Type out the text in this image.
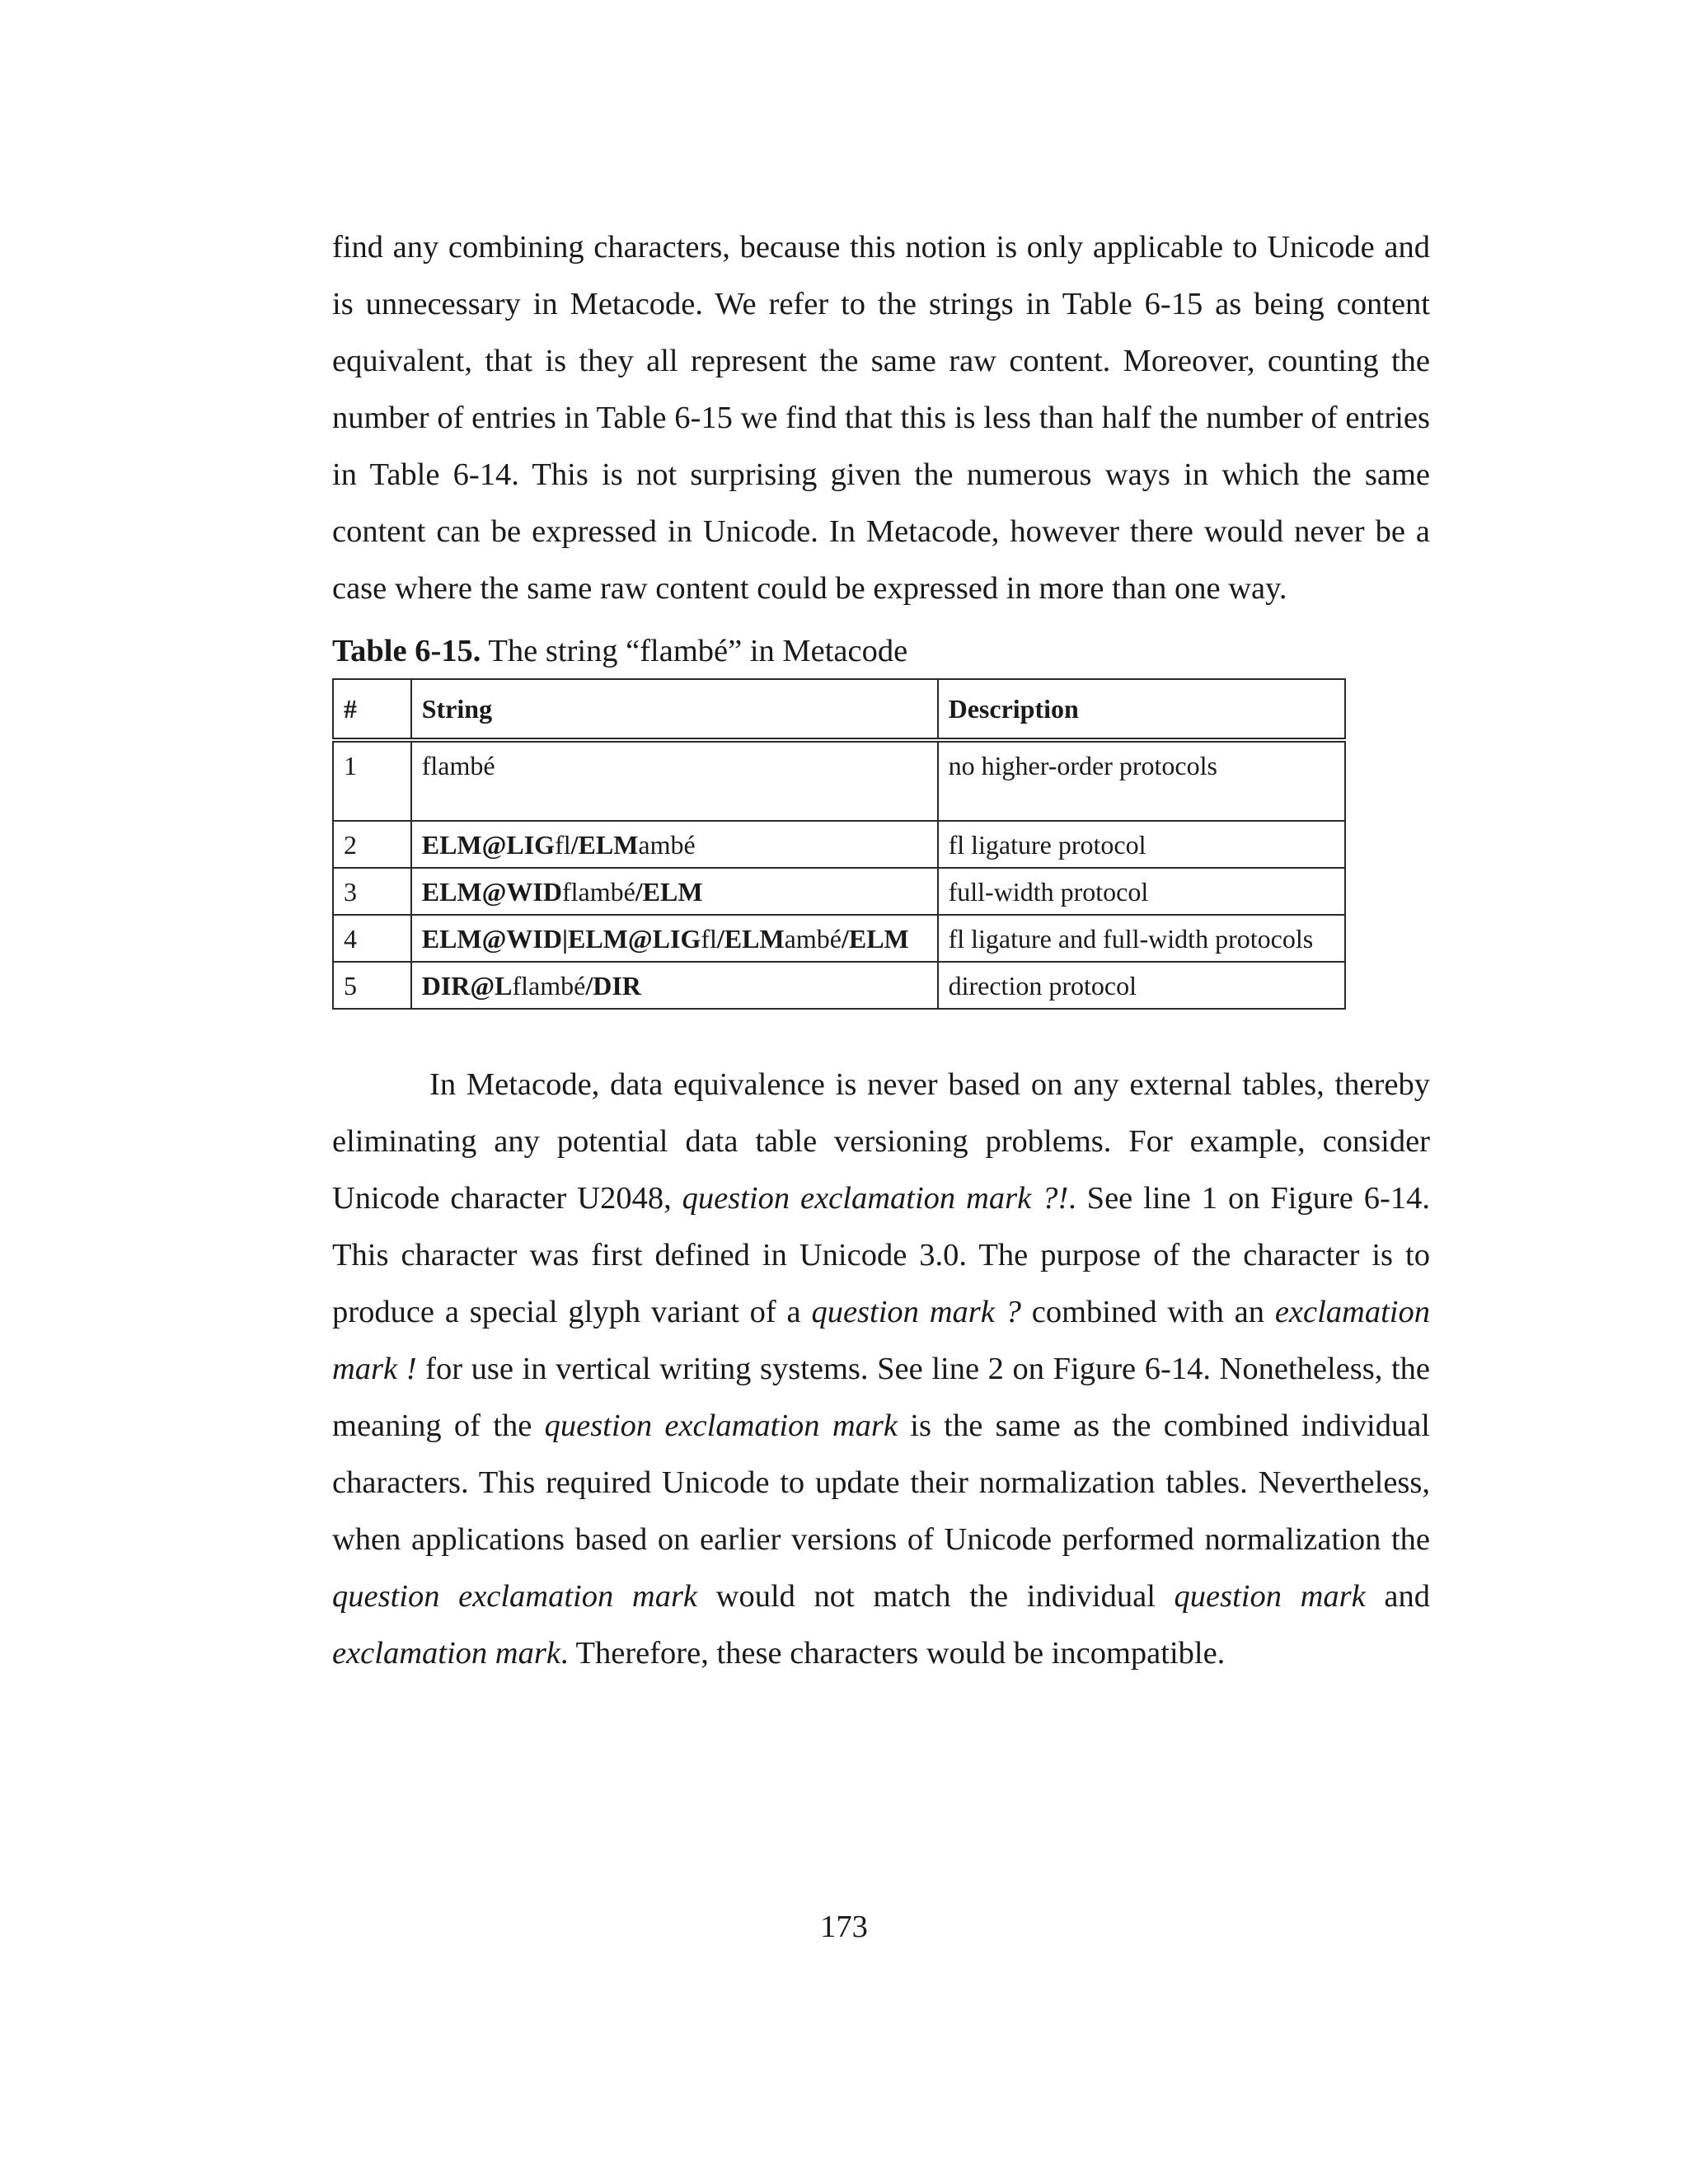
find any combining characters, because this notion is only applicable to Unicode and is unnecessary in Metacode. We refer to the strings in Table 6-15 as being content equivalent, that is they all represent the same raw content. Moreover, counting the number of entries in Table 6-15 we find that this is less than half the number of entries in Table 6-14. This is not surprising given the numerous ways in which the same content can be expressed in Unicode. In Metacode, however there would never be a case where the same raw content could be expressed in more than one way.

Table 6-15. The string “flambé” in Metacode
#	String	Description
1	flambé	no higher-order protocols
2	ELM@LIGfl/ELMambé	fl ligature protocol
3	ELM@WIDflambé/ELM	full-width protocol
4	ELM@WID|ELM@LIGfl/ELMambé/ELM	fl ligature and full-width protocols
5	DIR@Lflambé/DIR	direction protocol

In Metacode, data equivalence is never based on any external tables, thereby eliminating any potential data table versioning problems. For example, consider Unicode character U2048, question exclamation mark ?!. See line 1 on Figure 6-14. This character was first defined in Unicode 3.0. The purpose of the character is to produce a special glyph variant of a question mark ? combined with an exclamation mark ! for use in vertical writing systems. See line 2 on Figure 6-14. Nonetheless, the meaning of the question exclamation mark is the same as the combined individual characters. This required Unicode to update their normalization tables. Nevertheless, when applications based on earlier versions of Unicode performed normalization the question exclamation mark would not match the individual question mark and exclamation mark. Therefore, these characters would be incompatible.

173
